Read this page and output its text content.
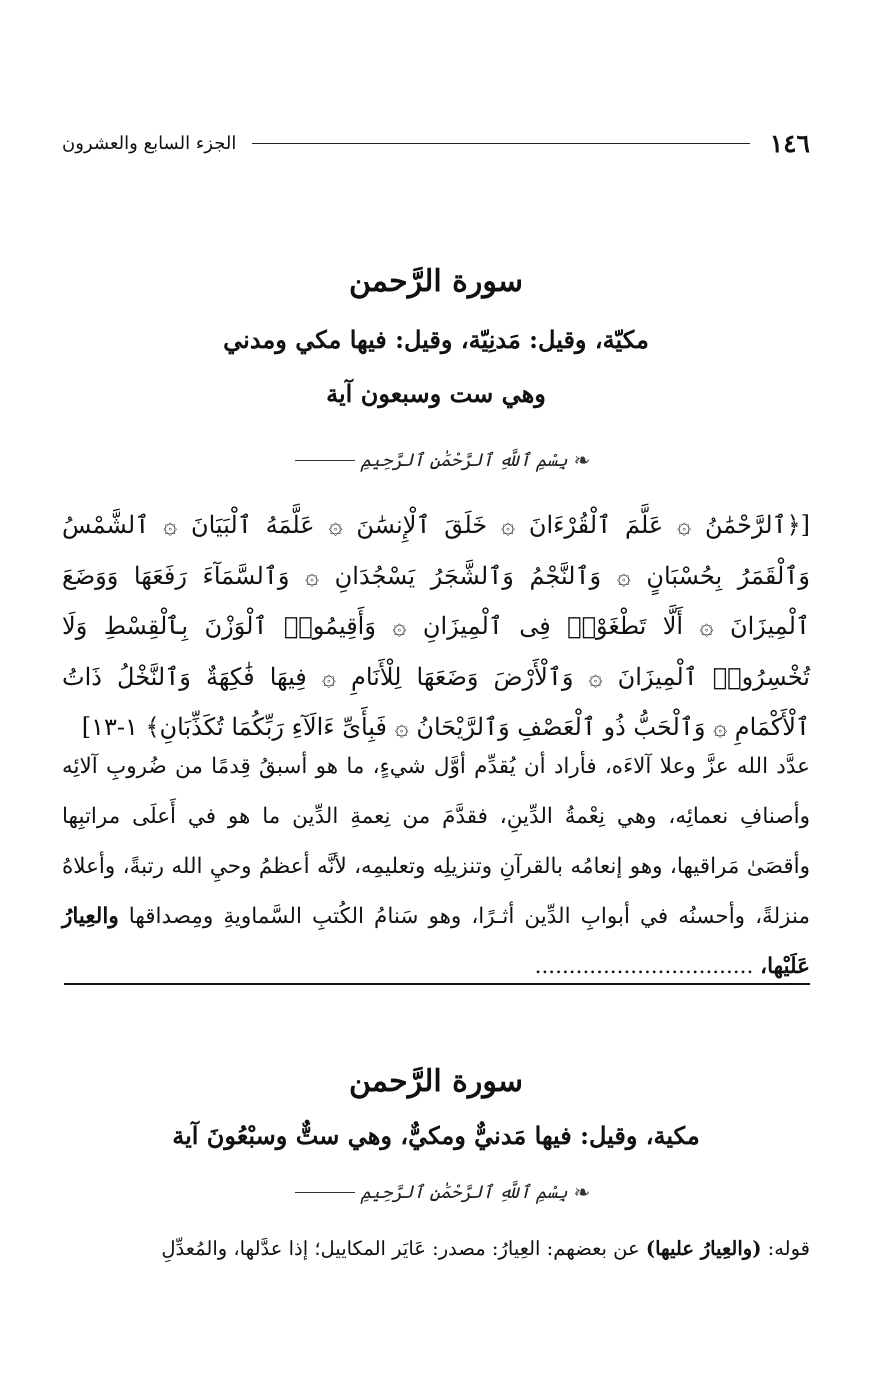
١٤٦
الجزء السابع والعشرون
سورة الرَّحمن
مكيّة، وقيل: مَدنِيّة، وقيل: فيها مكي ومدني
وهي ست وسبعون آية
❧
بِسْمِ ٱللَّهِ ٱلرَّحْمَٰنِ ٱلرَّحِيمِ
[﴿ٱلرَّحْمَٰنُ ۞ عَلَّمَ ٱلْقُرْءَانَ ۞ خَلَقَ ٱلْإِنسَٰنَ ۞ عَلَّمَهُ ٱلْبَيَانَ ۞ ٱلشَّمْسُ وَٱلْقَمَرُ بِحُسْبَانٍ ۞ وَٱلنَّجْمُ وَٱلشَّجَرُ يَسْجُدَانِ ۞ وَٱلسَّمَآءَ رَفَعَهَا وَوَضَعَ ٱلْمِيزَانَ ۞ أَلَّا تَطْغَوْا۟ فِى ٱلْمِيزَانِ ۞ وَأَقِيمُوا۟ ٱلْوَزْنَ بِٱلْقِسْطِ وَلَا تُخْسِرُوا۟ ٱلْمِيزَانَ ۞ وَٱلْأَرْضَ وَضَعَهَا لِلْأَنَامِ ۞ فِيهَا فَٰكِهَةٌ وَٱلنَّخْلُ ذَاتُ ٱلْأَكْمَامِ ۞ وَٱلْحَبُّ ذُو ٱلْعَصْفِ وَٱلرَّيْحَانُ ۞ فَبِأَىِّ ءَالَآءِ رَبِّكُمَا تُكَذِّبَانِ﴾ ١-١٣]
عدَّد الله عزَّ وعلا آلاءَه، فأراد أن يُقدِّم أوَّل شيءٍ، ما هو أسبقُ قِدمًا من ضُروبِ آلائِه وأصنافِ نعمائِه، وهي نِعْمةُ الدِّينِ، فقدَّمَ من نِعمةِ الدِّين ما هو في أَعلَى مراتبِها وأقصَىٰ مَراقيها، وهو إنعامُه بالقرآنِ وتنزيلِه وتعليمِه، لأنَّه أعظمُ وحيِ الله رتبةً، وأعلاهُ منزلةً، وأحسنُه في أبوابِ الدِّين أثـرًا، وهو سَنامُ الكُتبِ السَّماويةِ ومِصداقها والعِيارُ عَلَيْها، ................................
سورة الرَّحمن
مكية، وقيل: فيها مَدنيٌّ ومكيٌّ، وهي ستٌّ وسبْعُونَ آية
❧
بِسْمِ ٱللَّهِ ٱلرَّحْمَٰنِ ٱلرَّحِيمِ
قوله: (والعِيارُ عليها) عن بعضهم: العِيارُ: مصدر: عَايَر المكاييل؛ إذا عدَّلها، والمُعدِّلِ
